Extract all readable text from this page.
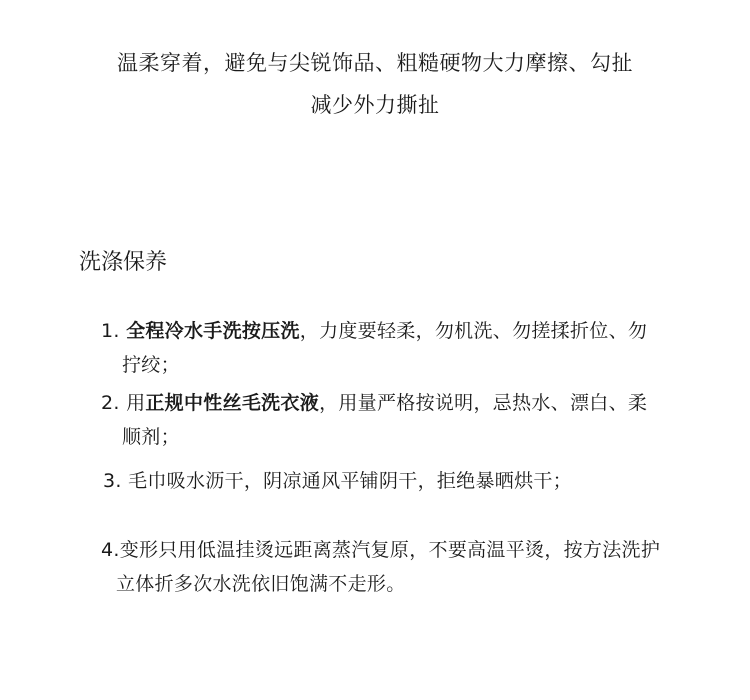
温柔穿着，避免与尖锐饰品、粗糙硬物大力摩擦、勾扯
减少外力撕扯
洗涤保养
1. 全程冷水手洗按压洗，力度要轻柔，勿机洗、勿搓揉折位、勿
拧绞；
2. 用正规中性丝毛洗衣液，用量严格按说明，忌热水、漂白、柔
顺剂；
3. 毛巾吸水沥干，阴凉通风平铺阴干，拒绝暴晒烘干；
4.变形只用低温挂烫远距离蒸汽复原，不要高温平烫，按方法洗护
立体折多次水洗依旧饱满不走形。
